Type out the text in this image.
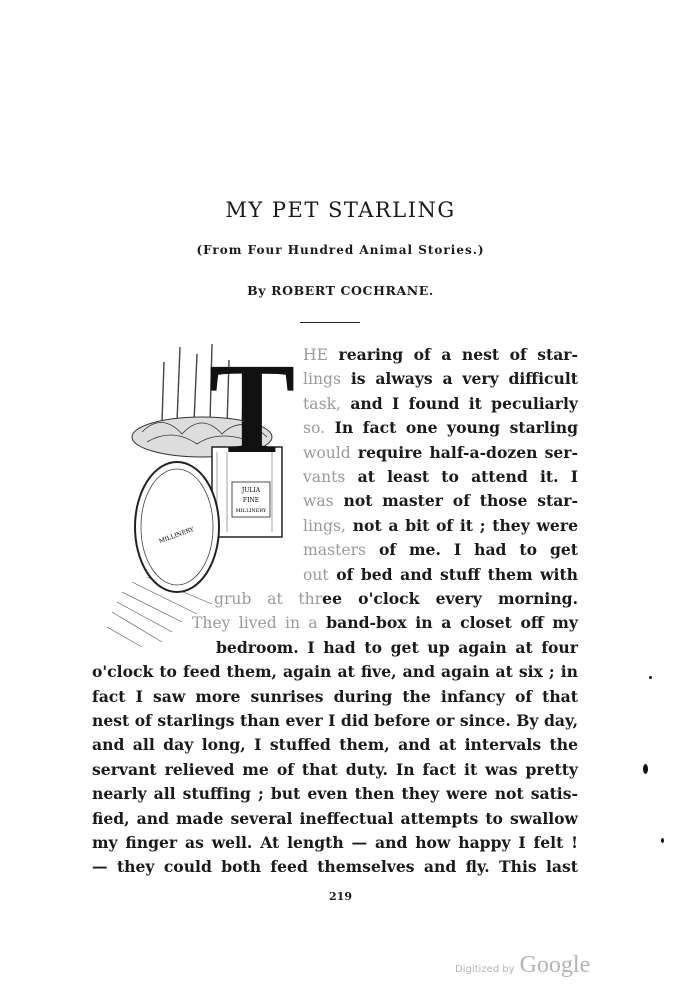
MY PET STARLING
(From Four Hundred Animal Stories.)
By ROBERT COCHRANE.
JULIA
FINE
MILLINERY
MILLINERY
T HE rearing of a nest of star-
lings is always a very difficult
task, and I found it peculiarly
so. In fact one young starling
would require half-a-dozen ser-
vants at least to attend it. I
was not master of those star-
lings, not a bit of it ; they were
masters of me. I had to get
out of bed and stuff them with
grub at three o'clock every morning.
They lived in a band-box in a closet off my
bedroom. I had to get up again at four
o'clock to feed them, again at five, and again at six ; in
fact I saw more sunrises during the infancy of that
nest of starlings than ever I did before or since. By day,
and all day long, I stuffed them, and at intervals the
servant relieved me of that duty. In fact it was pretty
nearly all stuffing ; but even then they were not satis-
fied, and made several ineffectual attempts to swallow
my finger as well. At length — and how happy I felt !
— they could both feed themselves and fly. This last
219
Digitized by Google
